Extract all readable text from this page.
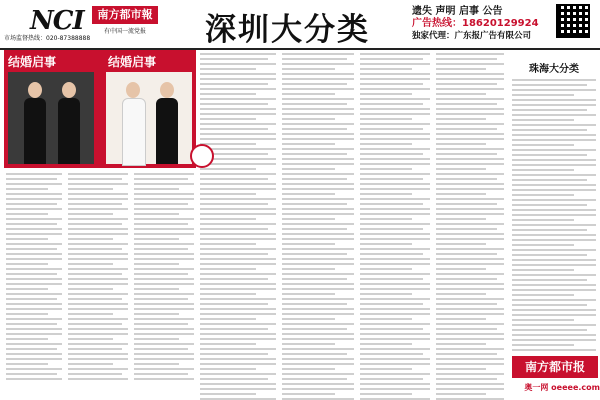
NCI	南方都市報
有中国一流党报
市场监督热线：020-87388888	深圳大分类
遗失 声明 启事 公告
广告热线：18620129924
独家代理：广东报广告有限公司
结婚启事	结婚启事
珠海大分类
南方都市报
奥一网 oeeee.com
